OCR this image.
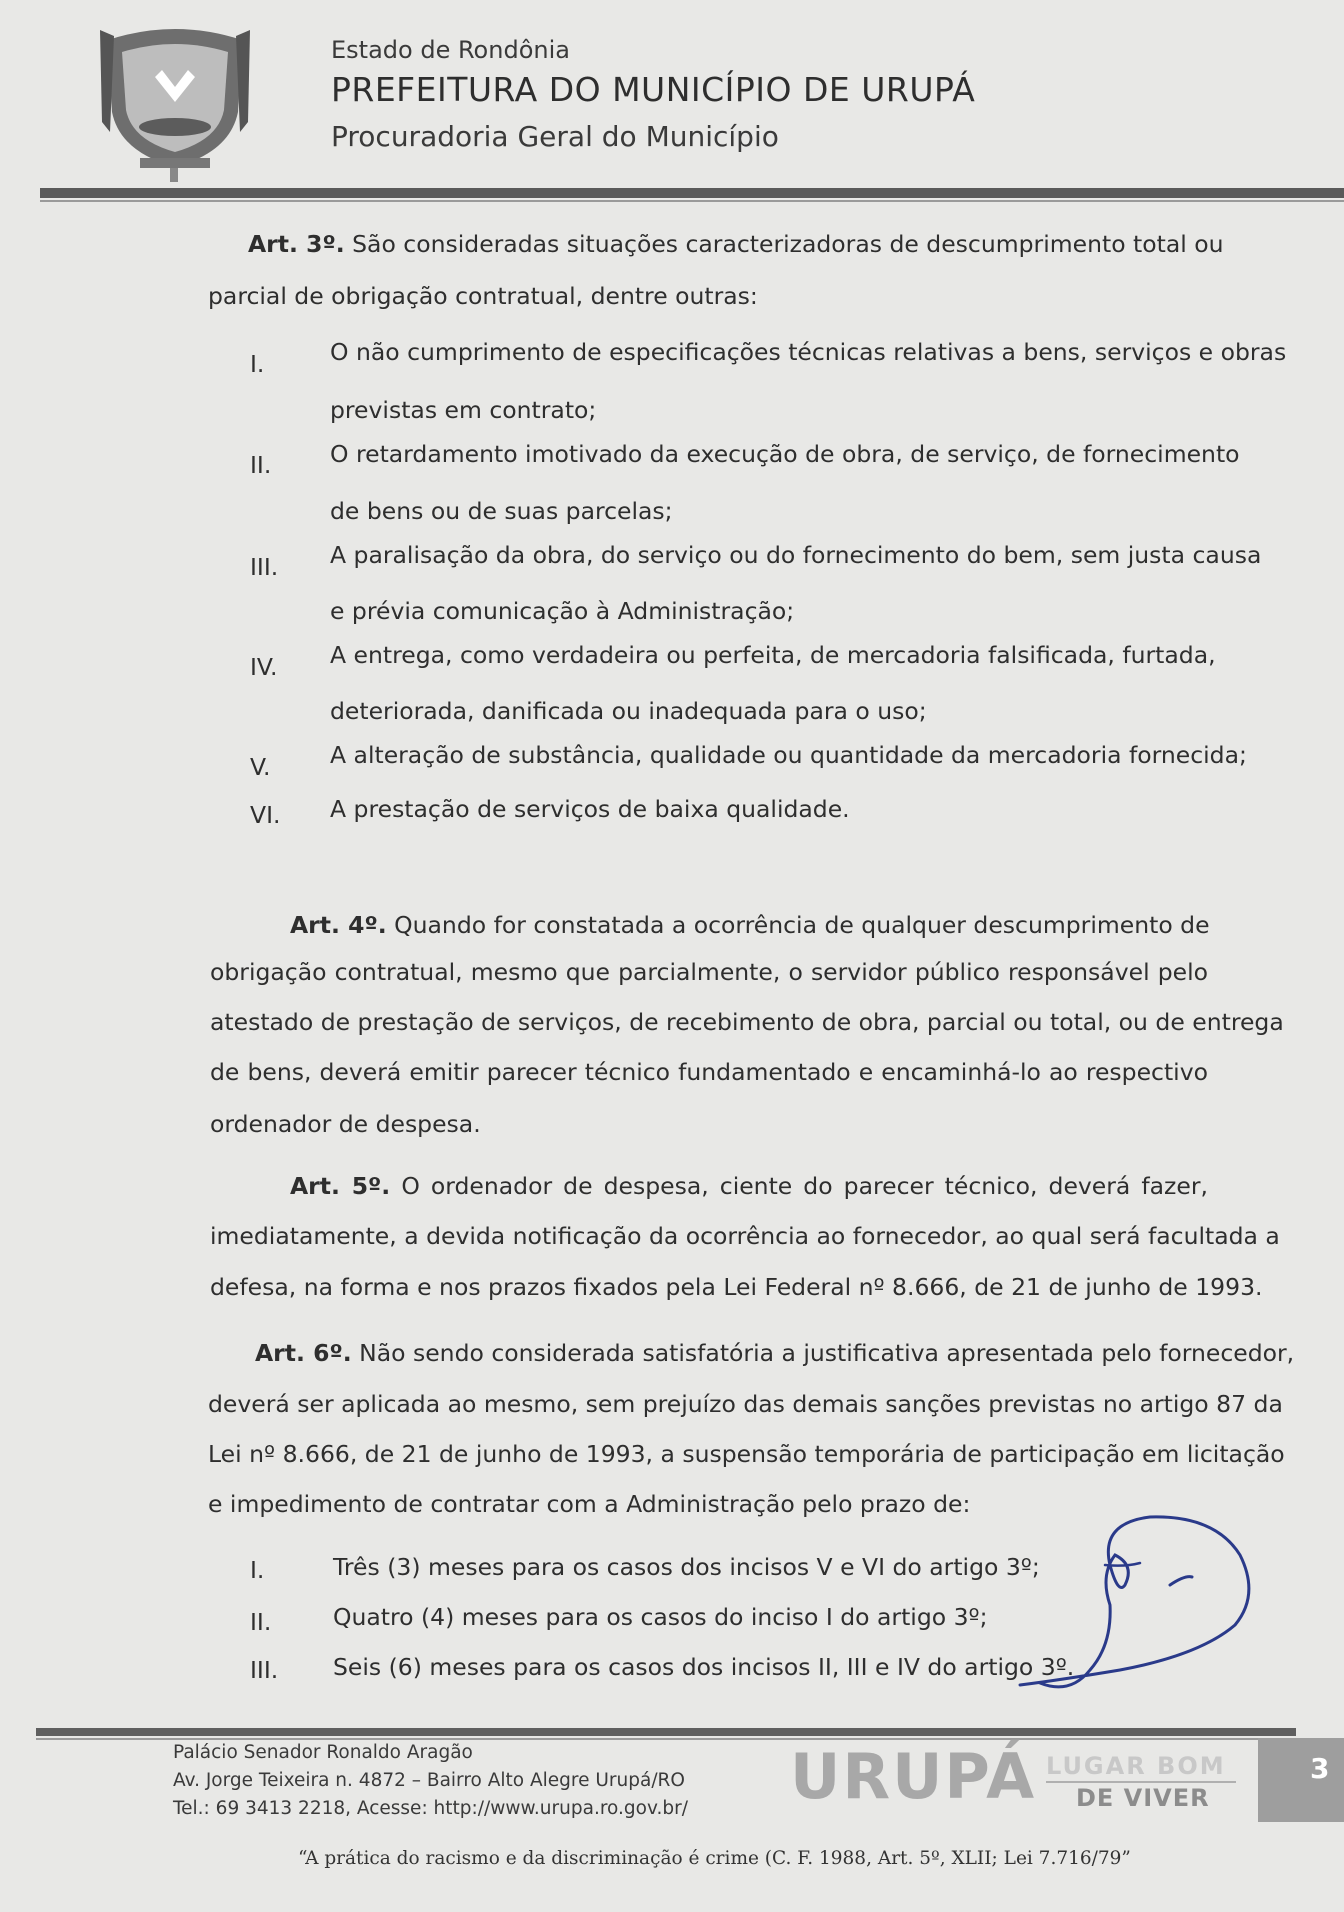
Estado de Rondônia
PREFEITURA DO MUNICÍPIO DE URUPÁ
Procuradoria Geral do Município
Art. 3º. São consideradas situações caracterizadoras de descumprimento total ou
parcial de obrigação contratual, dentre outras:
I.	O não cumprimento de especificações técnicas relativas a bens, serviços e obras
previstas em contrato;
II. O retardamento imotivado da execução de obra, de serviço, de fornecimento
de bens ou de suas parcelas;
III. A paralisação da obra, do serviço ou do fornecimento do bem, sem justa causa
e prévia comunicação à Administração;
IV. A entrega, como verdadeira ou perfeita, de mercadoria falsificada, furtada,
deteriorada, danificada ou inadequada para o uso;
V.	A alteração de substância, qualidade ou quantidade da mercadoria fornecida;
VI. A prestação de serviços de baixa qualidade.
Art. 4º. Quando for constatada a ocorrência de qualquer descumprimento de
obrigação contratual, mesmo que parcialmente, o servidor público responsável pelo
atestado de prestação de serviços, de recebimento de obra, parcial ou total, ou de entrega
de bens, deverá emitir parecer técnico fundamentado e encaminhá-lo ao respectivo
ordenador de despesa.
Art. 5º. O ordenador de despesa, ciente do parecer técnico, deverá fazer,
imediatamente, a devida notificação da ocorrência ao fornecedor, ao qual será facultada a
defesa, na forma e nos prazos fixados pela Lei Federal nº 8.666, de 21 de junho de 1993.
Art. 6º. Não sendo considerada satisfatória a justificativa apresentada pelo fornecedor,
deverá ser aplicada ao mesmo, sem prejuízo das demais sanções previstas no artigo 87 da
Lei nº 8.666, de 21 de junho de 1993, a suspensão temporária de participação em licitação
e impedimento de contratar com a Administração pelo prazo de:
I.	Três (3) meses para os casos dos incisos V e VI do artigo 3º;
II.	Quatro (4) meses para os casos do inciso I do artigo 3º;
III. Seis (6) meses para os casos dos incisos II, III e IV do artigo 3º.
Palácio Senador Ronaldo Aragão
Av. Jorge Teixeira n. 4872 – Bairro Alto Alegre Urupá/RO
Tel.: 69 3413 2218, Acesse: http://www.urupa.ro.gov.br/ URUPÁ LUGAR BOM
DE VIVER
3
“A prática do racismo e da discriminação é crime (C. F. 1988, Art. 5º, XLII; Lei 7.716/79”
